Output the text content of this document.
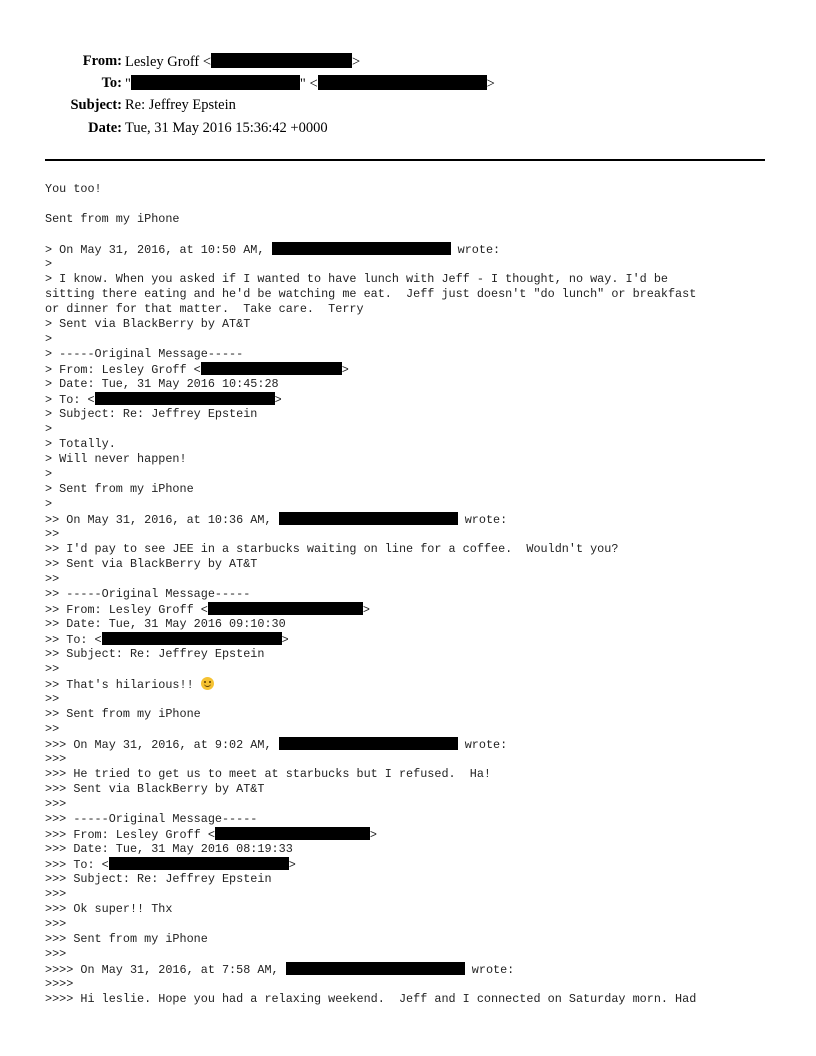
From: Lesley Groff <	>
To: "	" <	>
Subject: Re: Jeffrey Epstein
Date: Tue, 31 May 2016 15:36:42 +0000
You too!
Sent from my iPhone
> On May 31, 2016, at 10:50 AM,	wrote:
>
> I know. When you asked if I wanted to have lunch with Jeff - I thought, no way. I'd be
sitting there eating and he'd be watching me eat.  Jeff just doesn't "do lunch" or breakfast
or dinner for that matter.  Take care.  Terry
> Sent via BlackBerry by AT&T
>
> -----Original Message-----
> From: Lesley Groff <	>
> Date: Tue, 31 May 2016 10:45:28
> To: <	>
> Subject: Re: Jeffrey Epstein
>
> Totally.
> Will never happen!
>
> Sent from my iPhone
>
>> On May 31, 2016, at 10:36 AM,	wrote:
>>
>> I'd pay to see JEE in a starbucks waiting on line for a coffee.  Wouldn't you?
>> Sent via BlackBerry by AT&T
>>
>> -----Original Message-----
>> From: Lesley Groff <	>
>> Date: Tue, 31 May 2016 09:10:30
>> To: <	>
>> Subject: Re: Jeffrey Epstein
>>
>> That's hilarious!!
>>
>> Sent from my iPhone
>>
>>> On May 31, 2016, at 9:02 AM,	wrote:
>>>
>>> He tried to get us to meet at starbucks but I refused.  Ha!
>>> Sent via BlackBerry by AT&T
>>>
>>> -----Original Message-----
>>> From: Lesley Groff <	>
>>> Date: Tue, 31 May 2016 08:19:33
>>> To: <	>
>>> Subject: Re: Jeffrey Epstein
>>>
>>> Ok super!! Thx
>>>
>>> Sent from my iPhone
>>>
>>>> On May 31, 2016, at 7:58 AM,	wrote:
>>>>
>>>> Hi leslie. Hope you had a relaxing weekend.  Jeff and I connected on Saturday morn. Had
